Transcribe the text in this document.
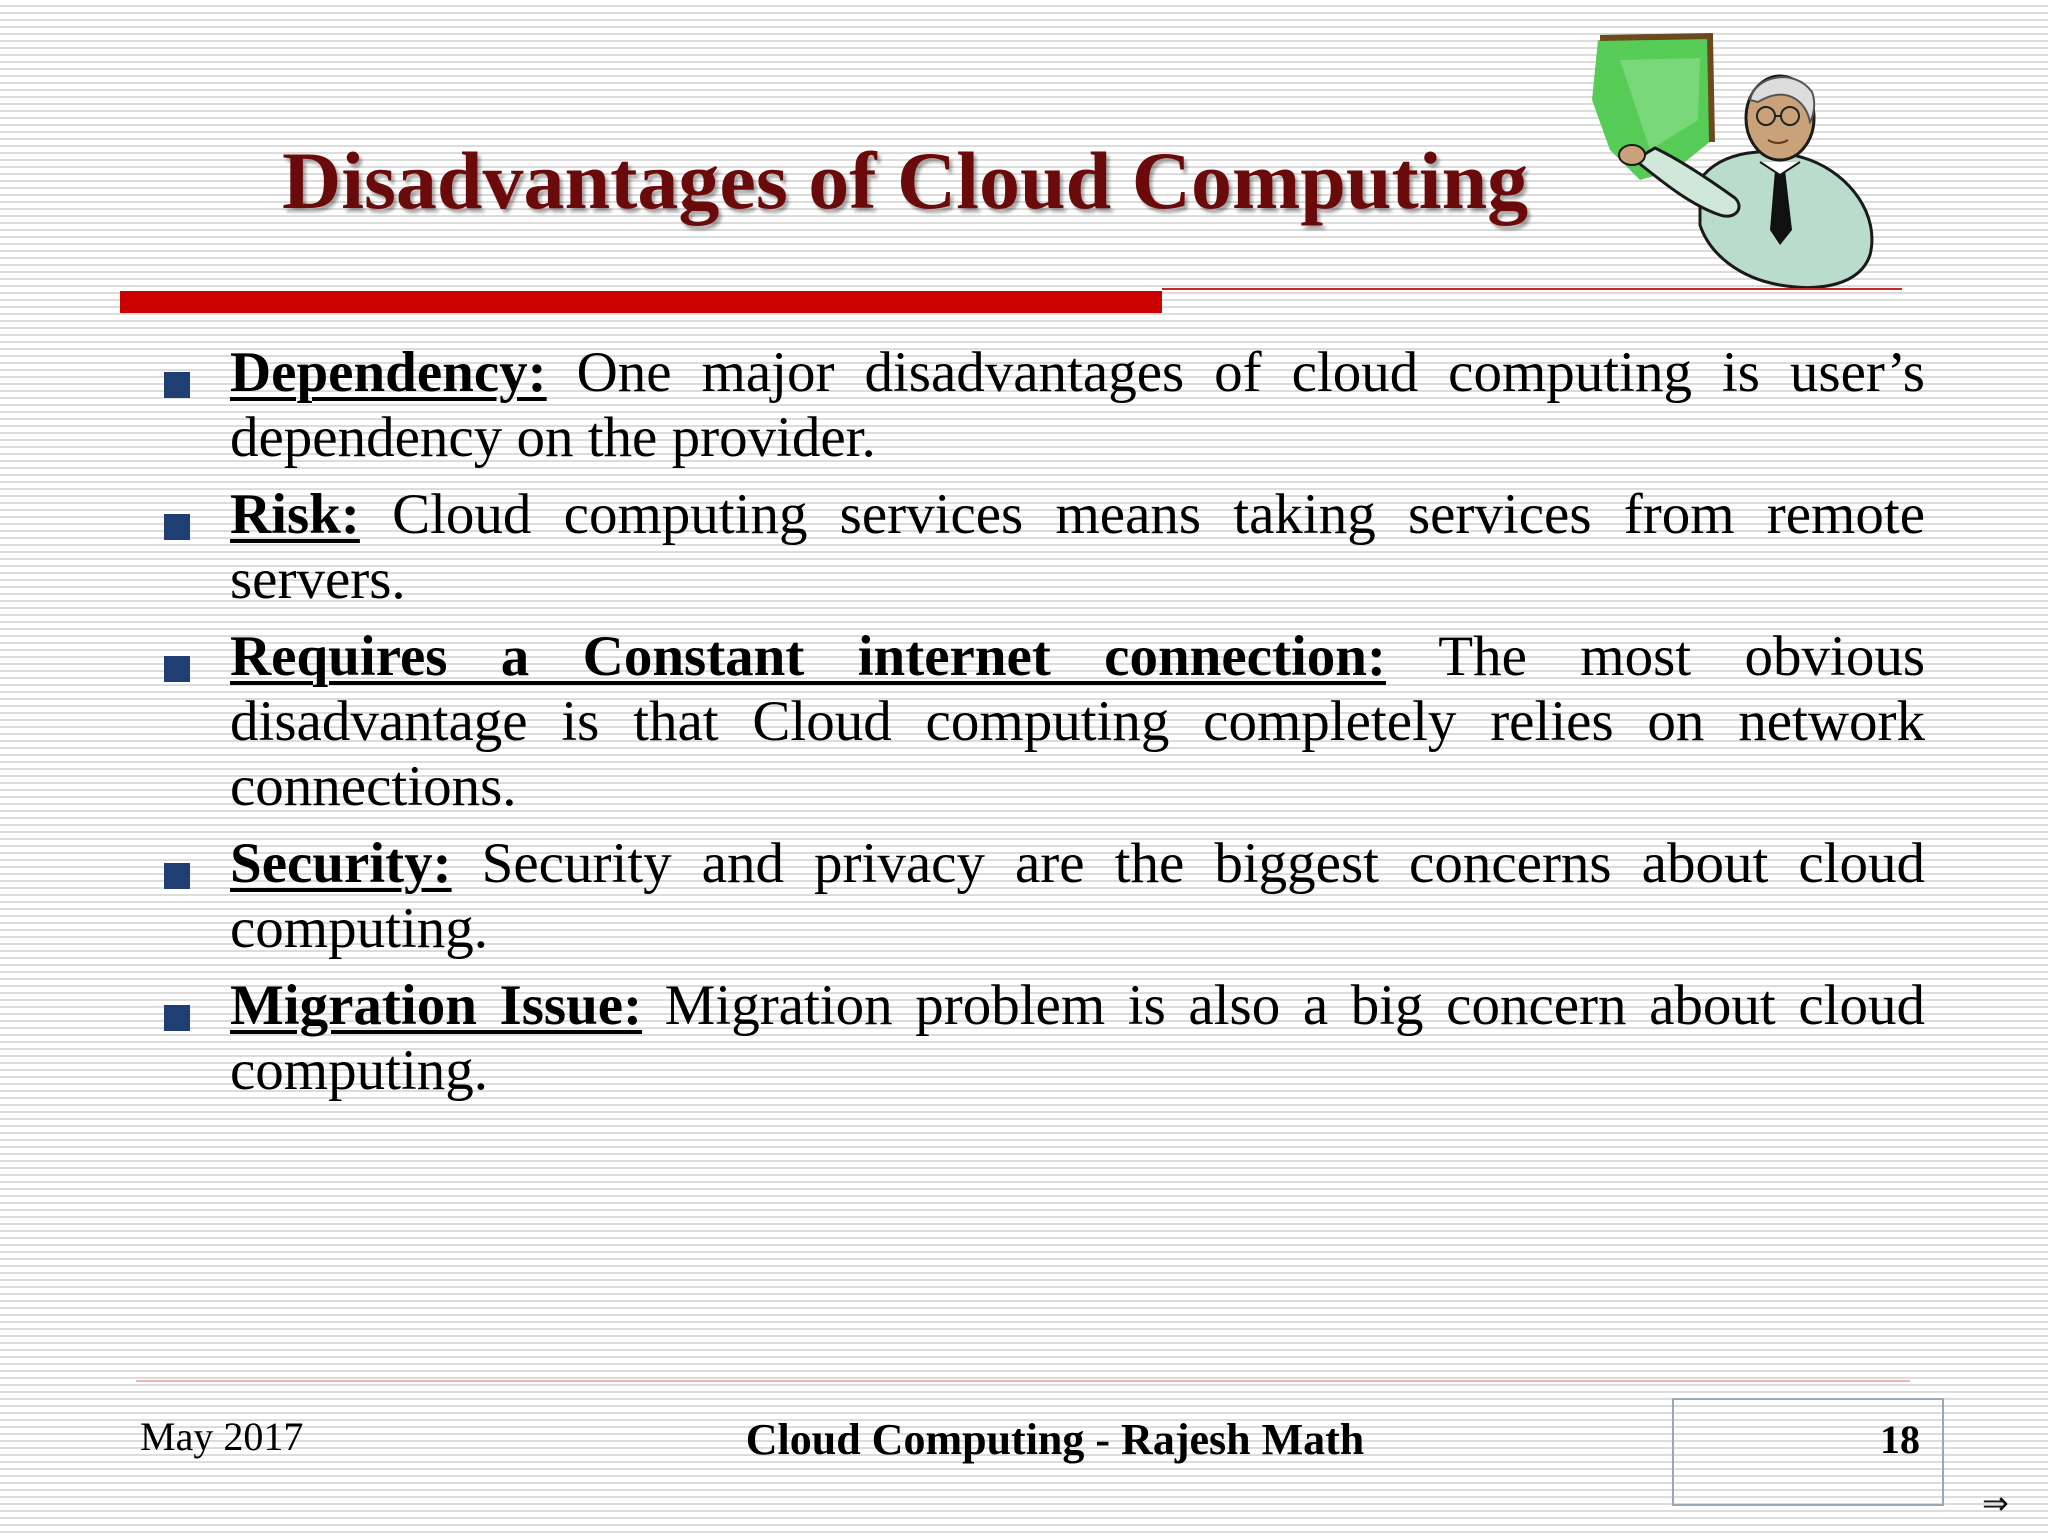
Disadvantages of Cloud Computing

Dependency: One major disadvantages of cloud computing is user’s dependency on the provider.

Risk: Cloud computing services means taking services from remote servers.

Requires a Constant internet connection: The most obvious disadvantage is that Cloud computing completely relies on network connections.

Security: Security and privacy are the biggest concerns about cloud computing.

Migration Issue: Migration problem is also a big concern about cloud computing.

May 2017	Cloud Computing - Rajesh Math	18
⇒
